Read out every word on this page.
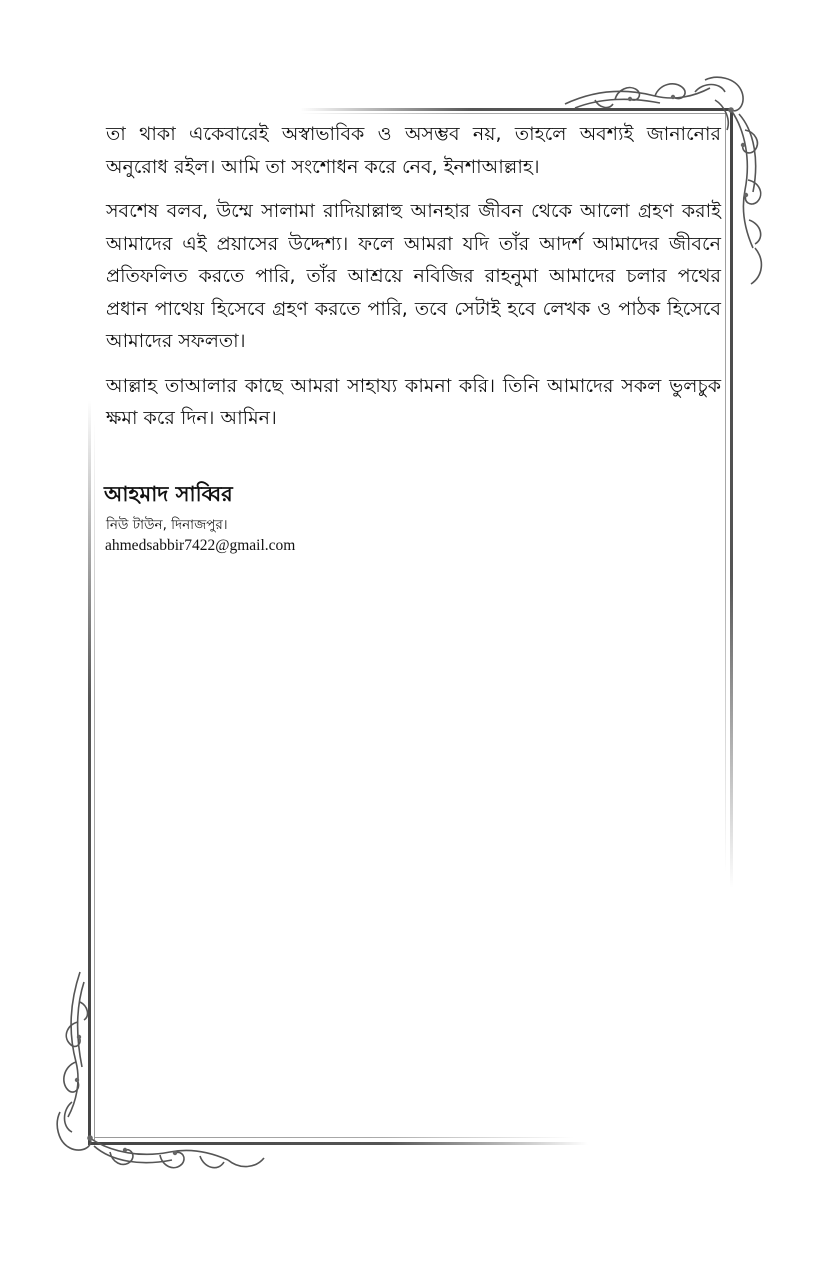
তা থাকা একেবারেই অস্বাভাবিক ও অসম্ভব নয়, তাহলে অবশ্যই জানানোর অনুরোধ রইল। আমি তা সংশোধন করে নেব, ইনশাআল্লাহ।

সবশেষ বলব, উম্মে সালামা রাদিয়াল্লাহু আনহার জীবন থেকে আলো গ্রহণ করাই আমাদের এই প্রয়াসের উদ্দেশ্য। ফলে আমরা যদি তাঁর আদর্শ আমাদের জীবনে প্রতিফলিত করতে পারি, তাঁর আশ্রয়ে নবিজির রাহনুমা আমাদের চলার পথের প্রধান পাথেয় হিসেবে গ্রহণ করতে পারি, তবে সেটাই হবে লেখক ও পাঠক হিসেবে আমাদের সফলতা।

আল্লাহ তাআলার কাছে আমরা সাহায্য কামনা করি। তিনি আমাদের সকল ভুলচুক ক্ষমা করে দিন। আমিন।

আহমাদ সাব্বির
নিউ টাউন, দিনাজপুর।
ahmedsabbir7422@gmail.com
